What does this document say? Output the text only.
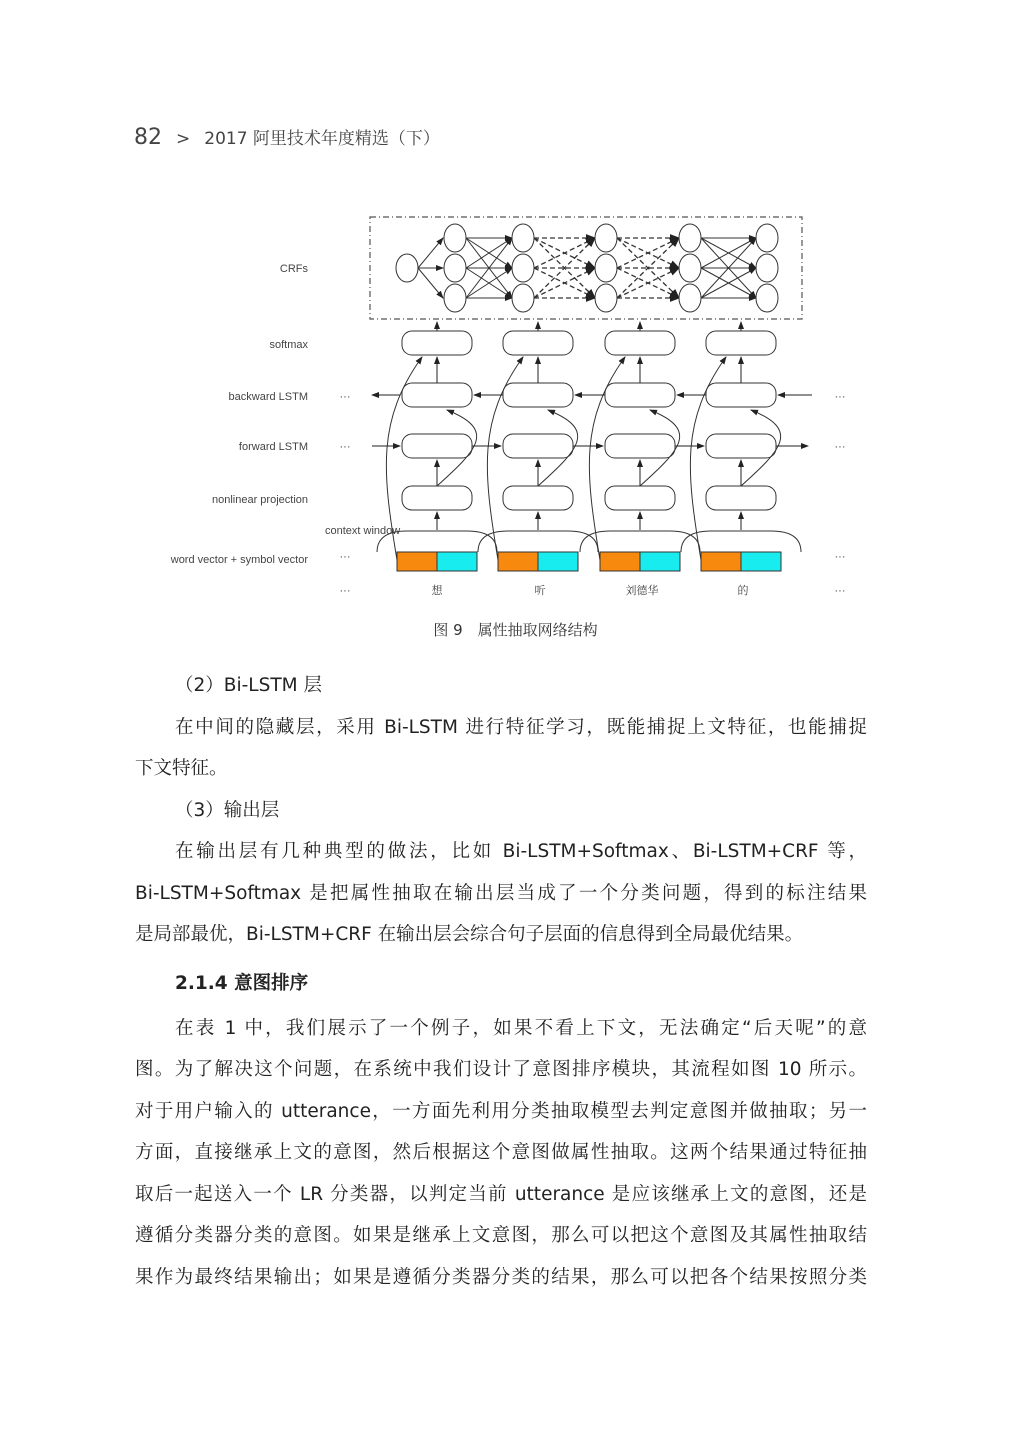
82 > 2017 阿里技术年度精选（下）
CRFs
softmax
backward LSTM
forward LSTM
nonlinear projection
word vector + symbol vector
context window
···	···
···	···
···	···
···	···
想	听	刘德华	的
图 9　属性抽取网络结构
（2）Bi-LSTM 层
在中间的隐藏层，采用 Bi-LSTM 进行特征学习，既能捕捉上文特征，也能捕捉
下文特征。
（3）输出层
在输出层有几种典型的做法，比如 Bi-LSTM+Softmax、Bi-LSTM+CRF 等，
Bi-LSTM+Softmax 是把属性抽取在输出层当成了一个分类问题，得到的标注结果
是局部最优，Bi-LSTM+CRF 在输出层会综合句子层面的信息得到全局最优结果。
2.1.4 意图排序
在表 1 中，我们展示了一个例子，如果不看上下文，无法确定“后天呢”的意
图。为了解决这个问题，在系统中我们设计了意图排序模块，其流程如图 10 所示。
对于用户输入的 utterance，一方面先利用分类抽取模型去判定意图并做抽取；另一
方面，直接继承上文的意图，然后根据这个意图做属性抽取。这两个结果通过特征抽
取后一起送入一个 LR 分类器，以判定当前 utterance 是应该继承上文的意图，还是
遵循分类器分类的意图。如果是继承上文意图，那么可以把这个意图及其属性抽取结
果作为最终结果输出；如果是遵循分类器分类的结果，那么可以把各个结果按照分类
